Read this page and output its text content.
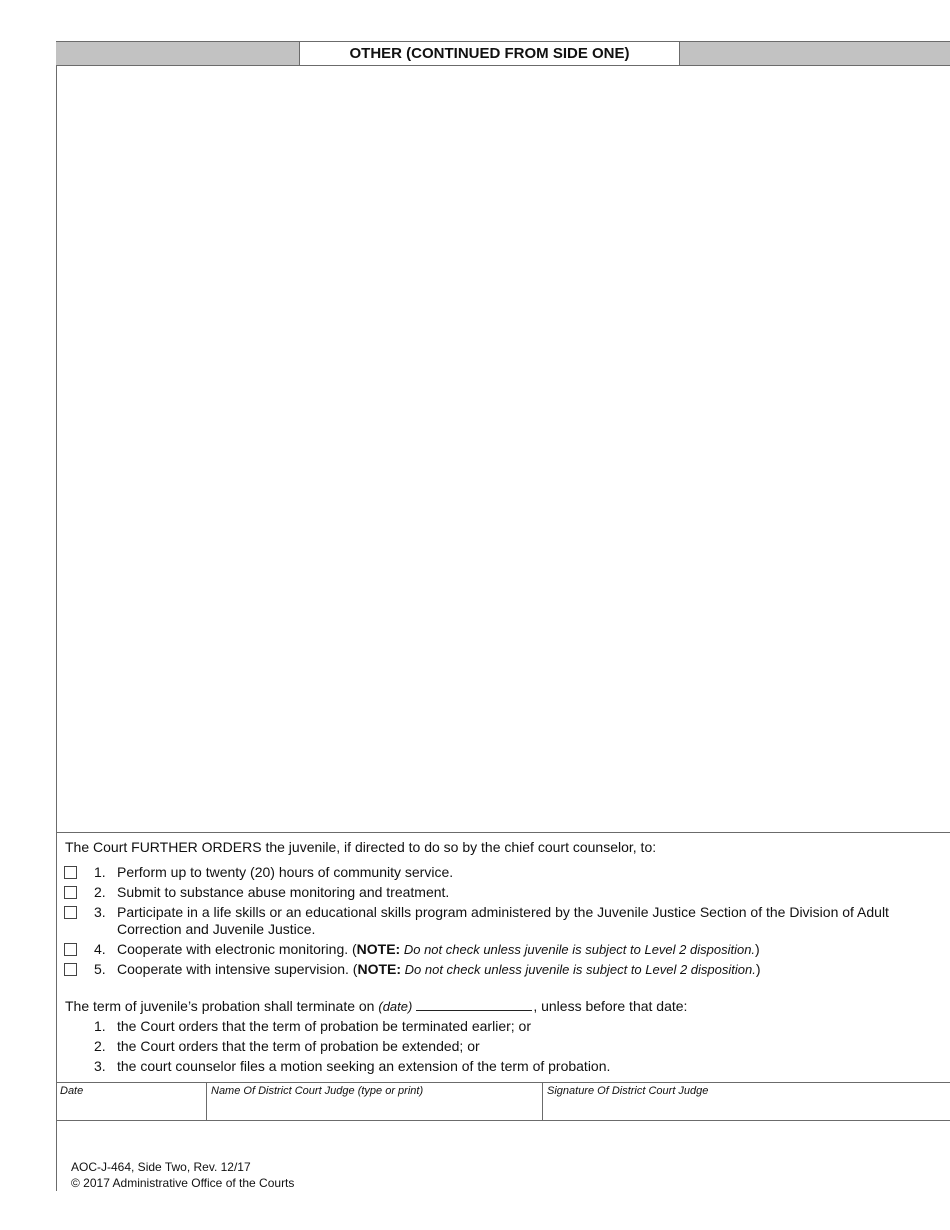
OTHER (CONTINUED FROM SIDE ONE)
The Court FURTHER ORDERS the juvenile, if directed to do so by the chief court counselor, to:
1. Perform up to twenty (20) hours of community service.
2. Submit to substance abuse monitoring and treatment.
3. Participate in a life skills or an educational skills program administered by the Juvenile Justice Section of the Division of Adult Correction and Juvenile Justice.
4. Cooperate with electronic monitoring. (NOTE: Do not check unless juvenile is subject to Level 2 disposition.)
5. Cooperate with intensive supervision. (NOTE: Do not check unless juvenile is subject to Level 2 disposition.)
The term of juvenile’s probation shall terminate on (date)	, unless before that date:
1. the Court orders that the term of probation be terminated earlier; or
2. the Court orders that the term of probation be extended; or
3. the court counselor files a motion seeking an extension of the term of probation.
Date	Name Of District Court Judge (type or print)	Signature Of District Court Judge
AOC-J-464, Side Two, Rev. 12/17
© 2017 Administrative Office of the Courts
